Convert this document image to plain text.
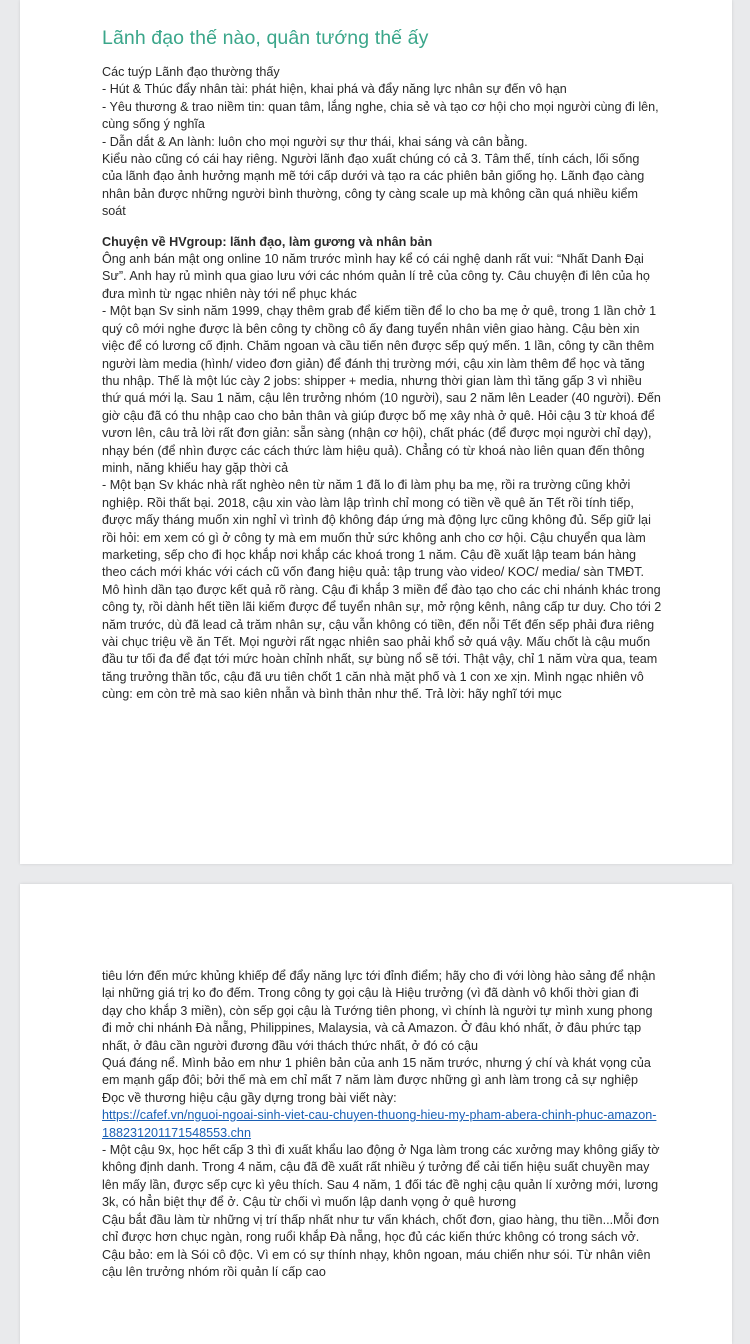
Lãnh đạo thế nào, quân tướng thế ấy

Các tuýp Lãnh đạo thường thấy

- Hút & Thúc đẩy nhân tài: phát hiện, khai phá và đẩy năng lực nhân sự đến vô hạn

- Yêu thương & trao niềm tin: quan tâm, lắng nghe, chia sẻ và tạo cơ hội cho mọi người cùng đi lên, cùng sống ý nghĩa

- Dẫn dắt & An lành: luôn cho mọi người sự thư thái, khai sáng và cân bằng.

Kiểu nào cũng có cái hay riêng. Người lãnh đạo xuất chúng có cả 3. Tâm thế, tính cách, lối sống của lãnh đạo ảnh hưởng mạnh mẽ tới cấp dưới và tạo ra các phiên bản giống họ. Lãnh đạo càng nhân bản được những người bình thường, công ty càng scale up mà không cần quá nhiều kiểm soát

Chuyện về HVgroup: lãnh đạo, làm gương và nhân bản

Ông anh bán mật ong online 10 năm trước mình hay kể có cái nghệ danh rất vui: “Nhất Danh Đại Sư”. Anh hay rủ mình qua giao lưu với các nhóm quản lí trẻ của công ty. Câu chuyện đi lên của họ đưa mình từ ngạc nhiên này tới nể phục khác

- Một bạn Sv sinh năm 1999, chạy thêm grab để kiếm tiền để lo cho ba mẹ ở quê, trong 1 lần chở 1 quý cô mới nghe được là bên công ty chồng cô ấy đang tuyển nhân viên giao hàng. Cậu bèn xin việc để có lương cố định. Chăm ngoan và cầu tiến nên được sếp quý mến. 1 lần, công ty cần thêm người làm media (hình/ video đơn giản) để đánh thị trường mới, cậu xin làm thêm để học và tăng thu nhập. Thế là một lúc cày 2 jobs: shipper + media, nhưng thời gian làm thì tăng gấp 3 vì nhiều thứ quá mới lạ. Sau 1 năm, cậu lên trưởng nhóm (10 người), sau 2 năm lên Leader (40 người). Đến giờ cậu đã có thu nhập cao cho bản thân và giúp được bố mẹ xây nhà ở quê. Hỏi cậu 3 từ khoá để vươn lên, câu trả lời rất đơn giản: sẵn sàng (nhận cơ hội), chất phác (để được mọi người chỉ dạy), nhạy bén (để nhìn được các cách thức làm hiệu quả). Chẳng có từ khoá nào liên quan đến thông minh, năng khiếu hay gặp thời cả

- Một bạn Sv khác nhà rất nghèo nên từ năm 1 đã lo đi làm phụ ba mẹ, rồi ra trường cũng khởi nghiệp. Rồi thất bại. 2018, cậu xin vào làm lập trình chỉ mong có tiền về quê ăn Tết rồi tính tiếp, được mấy tháng muốn xin nghỉ vì trình độ không đáp ứng mà động lực cũng không đủ. Sếp giữ lại rồi hỏi: em xem có gì ở công ty mà em muốn thử sức không anh cho cơ hội. Cậu chuyển qua làm marketing, sếp cho đi học khắp nơi khắp các khoá trong 1 năm. Cậu đề xuất lập team bán hàng theo cách mới khác với cách cũ vốn đang hiệu quả: tập trung vào video/ KOC/ media/ sàn TMĐT. Mô hình dần tạo được kết quả rõ ràng. Cậu đi khắp 3 miền để đào tạo cho các chi nhánh khác trong công ty, rồi dành hết tiền lãi kiếm được để tuyển nhân sự, mở rộng kênh, nâng cấp tư duy. Cho tới 2 năm trước, dù đã lead cả trăm nhân sự, cậu vẫn không có tiền, đến nỗi Tết đến sếp phải đưa riêng vài chục triệu về ăn Tết. Mọi người rất ngạc nhiên sao phải khổ sở quá vậy. Mấu chốt là cậu muốn đầu tư tối đa để đạt tới mức hoàn chỉnh nhất, sự bùng nổ sẽ tới. Thật vậy, chỉ 1 năm vừa qua, team tăng trưởng thần tốc, cậu đã ưu tiên chốt 1 căn nhà mặt phố và 1 con xe xịn. Mình ngạc nhiên vô cùng: em còn trẻ mà sao kiên nhẫn và bình thản như thế. Trả lời: hãy nghĩ tới mục

tiêu lớn đến mức khủng khiếp để đẩy năng lực tới đỉnh điểm; hãy cho đi với lòng hào sảng để nhận lại những giá trị ko đo đếm. Trong công ty gọi cậu là Hiệu trưởng (vì đã dành vô khối thời gian đi dạy cho khắp 3 miền), còn sếp gọi cậu là Tướng tiên phong, vì chính là người tự mình xung phong đi mở chi nhánh Đà nẵng, Philippines, Malaysia, và cả Amazon. Ở đâu khó nhất, ở đâu phức tạp nhất, ở đâu cần người đương đầu với thách thức nhất, ở đó có cậu

Quá đáng nể. Mình bảo em như 1 phiên bản của anh 15 năm trước, nhưng ý chí và khát vọng của em mạnh gấp đôi; bởi thế mà em chỉ mất 7 năm làm được những gì anh làm trong cả sự nghiệp

Đọc về thương hiệu cậu gầy dựng trong bài viết này:

https://cafef.vn/nguoi-ngoai-sinh-viet-cau-chuyen-thuong-hieu-my-pham-abera-chinh-phuc-amazon-188231201171548553.chn

- Một cậu 9x, học hết cấp 3 thì đi xuất khẩu lao động ở Nga làm trong các xưởng may không giấy tờ không định danh. Trong 4 năm, cậu đã đề xuất rất nhiều ý tưởng để cải tiến hiệu suất chuyền may lên mấy lần, được sếp cực kì yêu thích. Sau 4 năm, 1 đối tác đề nghị cậu quản lí xưởng mới, lương 3k, có hẳn biệt thự để ở. Cậu từ chối vì muốn lập danh vọng ở quê hương

Cậu bắt đầu làm từ những vị trí thấp nhất như tư vấn khách, chốt đơn, giao hàng, thu tiền...Mỗi đơn chỉ được hơn chục ngàn, rong ruổi khắp Đà nẵng, học đủ các kiến thức không có trong sách vở. Cậu bảo: em là Sói cô độc. Vì em có sự thính nhạy, khôn ngoan, máu chiến như sói. Từ nhân viên cậu lên trưởng nhóm rồi quản lí cấp cao
